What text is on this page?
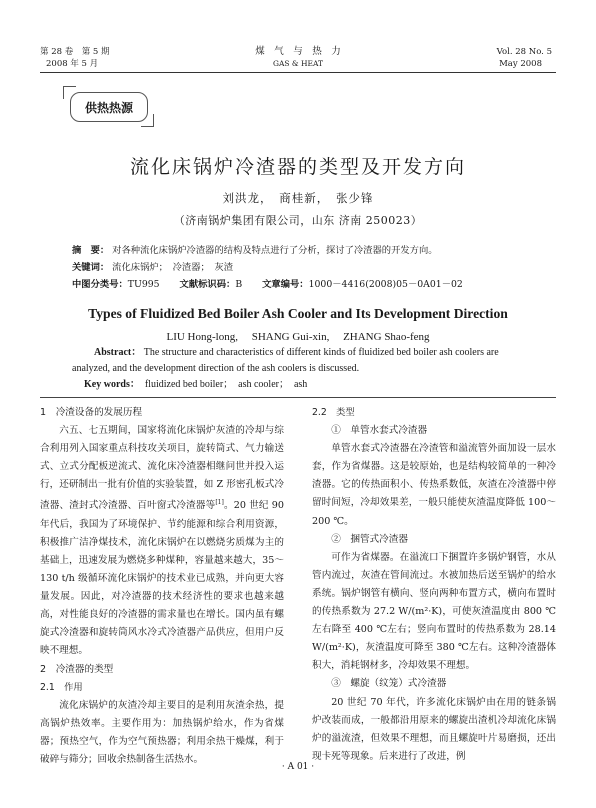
第 28 卷　第 5 期
2008 年 5 月
煤　气　与　热　力
GAS & HEAT
Vol. 28 No. 5
May 2008
供热热源
流化床锅炉冷渣器的类型及开发方向
刘洪龙，　商桂新，　张少锋
（济南锅炉集团有限公司，山东 济南 250023）
摘　要： 对各种流化床锅炉冷渣器的结构及特点进行了分析，探讨了冷渣器的开发方向。
关键词： 流化床锅炉；　冷渣器；　灰渣
中图分类号：TU995 文献标识码：B 文章编号：1000－4416(2008)05－0A01－02
Types of Fluidized Bed Boiler Ash Cooler and Its Development Direction
LIU Hong-long,　 SHANG Gui-xin,　 ZHANG Shao-feng
Abstract： The structure and characteristics of different kinds of fluidized bed boiler ash coolers are
analyzed, and the development direction of the ash coolers is discussed.
Key words： fluidized bed boiler；　ash cooler；　ash
1　冷渣设备的发展历程

六五、七五期间，国家将流化床锅炉灰渣的冷却与综合利用列入国家重点科技攻关项目，旋转筒式、气力输送式、立式分配板逆流式、流化床冷渣器相继问世并投入运行，还研制出一批有价值的实验装置，如 Z 形密孔板式冷渣器、渣封式冷渣器、百叶窗式冷渣器等[1]。20 世纪 90 年代后，我国为了环境保护、节约能源和综合利用资源，积极推广洁净煤技术，流化床锅炉在以燃烧劣质煤为主的基础上，迅速发展为燃烧多种煤种，容量越来越大，35～130 t/h 级循环流化床锅炉的技术业已成熟，并向更大容量发展。因此，对冷渣器的技术经济性的要求也越来越高，对性能良好的冷渣器的需求量也在增长。国内虽有螺旋式冷渣器和旋转筒风水冷式冷渣器产品供应，但用户反映不理想。

2　冷渣器的类型
2.1　作用

流化床锅炉的灰渣冷却主要目的是利用灰渣余热，提高锅炉热效率。主要作用为：加热锅炉给水，作为省煤器；预热空气，作为空气预热器；利用余热干燥煤，利于破碎与筛分；回收余热制备生活热水。

2.2　类型
①　单管水套式冷渣器

单管水套式冷渣器在冷渣管和溢流管外面加设一层水套，作为省煤器。这是较原始，也是结构较简单的一种冷渣器。它的传热面积小、传热系数低，灰渣在冷渣器中停留时间短，冷却效果差，一般只能使灰渣温度降低 100～200 ℃。

②　捆管式冷渣器

可作为省煤器。在溢流口下捆置许多锅炉钢管，水从管内流过，灰渣在管间流过。水被加热后送至锅炉的给水系统。锅炉钢管有横向、竖向两种布置方式，横向布置时的传热系数为 27.2 W/(m²·K)，可使灰渣温度由 800 ℃左右降至 400 ℃左右；竖向布置时的传热系数为 28.14 W/(m²·K)，灰渣温度可降至 380 ℃左右。这种冷渣器体积大，消耗钢材多，冷却效果不理想。

③　螺旋（纹笼）式冷渣器

20 世纪 70 年代，许多流化床锅炉由在用的链条锅炉改装而成，一般都沿用原来的螺旋出渣机冷却流化床锅炉的溢流渣，但效果不理想，而且螺旋叶片易磨损，还出现卡死等现象。后来进行了改进，例

· A 01 ·
